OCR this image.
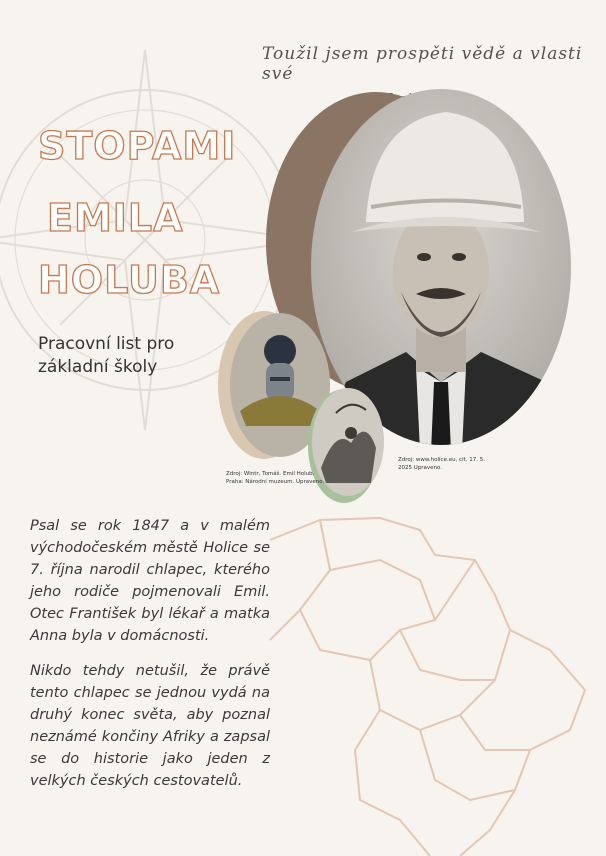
Toužil jsem prospěti vědě a vlasti své
STOPAMI
EMILA
HOLUBA
Pracovní list pro základní školy
Zdroj: Wintr, Tomáš. Emil Holub. Praha: Národní muzeum. Upraveno.
Zdroj: www.holice.eu, cit. 17. 5. 2025 Upraveno.
Psal se rok 1847 a v malém východočeském městě Holice se 7. října narodil chlapec, kterého jeho rodiče pojmenovali Emil. Otec František byl lékař a matka Anna byla v domácnosti.
Nikdo tehdy netušil, že právě tento chlapec se jednou vydá na druhý konec světa, aby poznal neznámé končiny Afriky a zapsal se do historie jako jeden z velkých českých cestovatelů.
